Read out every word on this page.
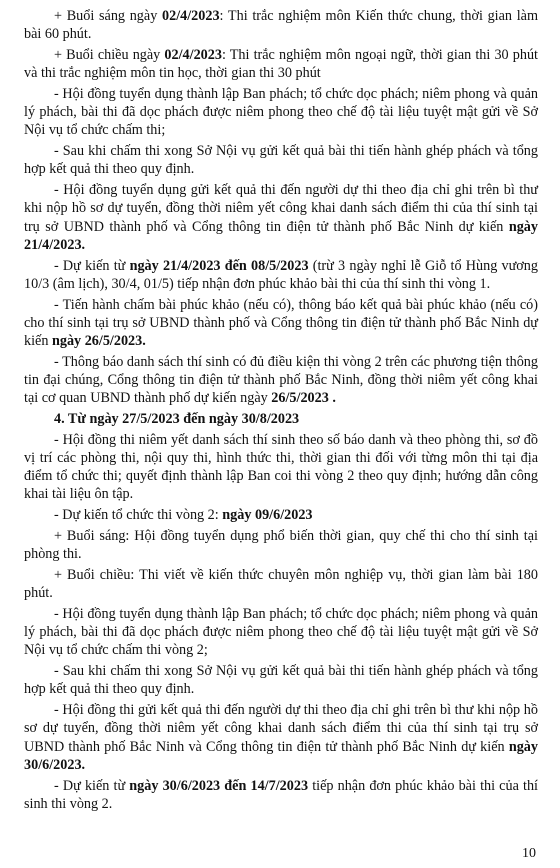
+ Buổi sáng ngày 02/4/2023: Thi trắc nghiệm môn Kiến thức chung, thời gian làm bài 60 phút.

+ Buổi chiều ngày 02/4/2023: Thi trắc nghiệm môn ngoại ngữ, thời gian thi 30 phút và thi trắc nghiệm môn tin học, thời gian thi 30 phút

- Hội đồng tuyển dụng thành lập Ban phách; tổ chức dọc phách; niêm phong và quản lý phách, bài thi đã dọc phách được niêm phong theo chế độ tài liệu tuyệt mật gửi về Sở Nội vụ tổ chức chấm thi;

- Sau khi chấm thi xong Sở Nội vụ gửi kết quả bài thi tiến hành ghép phách và tổng hợp kết quả thi theo quy định.

- Hội đồng tuyển dụng gửi kết quả thi đến người dự thi theo địa chỉ ghi trên bì thư khi nộp hồ sơ dự tuyển, đồng thời niêm yết công khai danh sách điểm thi của thí sinh tại trụ sở UBND thành phố và Cổng thông tin điện tử thành phố Bắc Ninh dự kiến ngày 21/4/2023.

- Dự kiến từ ngày 21/4/2023 đến 08/5/2023 (trừ 3 ngày nghỉ lễ Giỗ tổ Hùng vương 10/3 (âm lịch), 30/4, 01/5) tiếp nhận đơn phúc khảo bài thi của thí sinh thi vòng 1.

- Tiến hành chấm bài phúc khảo (nếu có), thông báo kết quả bài phúc khảo (nếu có) cho thí sinh tại trụ sở UBND thành phố và Cổng thông tin điện tử thành phố Bắc Ninh dự kiến ngày 26/5/2023.

- Thông báo danh sách thí sinh có đủ điều kiện thi vòng 2 trên các phương tiện thông tin đại chúng, Cổng thông tin điện tử thành phố Bắc Ninh, đồng thời niêm yết công khai tại cơ quan UBND thành phố dự kiến ngày 26/5/2023 .

4. Từ ngày 27/5/2023 đến ngày 30/8/2023

- Hội đồng thi niêm yết danh sách thí sinh theo số báo danh và theo phòng thi, sơ đồ vị trí các phòng thi, nội quy thi, hình thức thi, thời gian thi đối với từng môn thi tại địa điểm tổ chức thi; quyết định thành lập Ban coi thi vòng 2 theo quy định; hướng dẫn công khai tài liệu ôn tập.

- Dự kiến tổ chức thi vòng 2: ngày 09/6/2023

+ Buổi sáng: Hội đồng tuyển dụng phổ biến thời gian, quy chế thi cho thí sinh tại phòng thi.

+ Buổi chiều: Thi viết về kiến thức chuyên môn nghiệp vụ, thời gian làm bài 180 phút.

- Hội đồng tuyển dụng thành lập Ban phách; tổ chức dọc phách; niêm phong và quản lý phách, bài thi đã dọc phách được niêm phong theo chế độ tài liệu tuyệt mật gửi về Sở Nội vụ tổ chức chấm thi vòng 2;

- Sau khi chấm thi xong Sở Nội vụ gửi kết quả bài thi tiến hành ghép phách và tổng hợp kết quả thi theo quy định.

- Hội đồng thi gửi kết quả thi đến người dự thi theo địa chỉ ghi trên bì thư khi nộp hồ sơ dự tuyển, đồng thời niêm yết công khai danh sách điểm thi của thí sinh tại trụ sở UBND thành phố Bắc Ninh và Cổng thông tin điện tử thành phố Bắc Ninh dự kiến ngày 30/6/2023.

- Dự kiến từ ngày 30/6/2023 đến 14/7/2023 tiếp nhận đơn phúc khảo bài thi của thí sinh thi vòng 2.

10
